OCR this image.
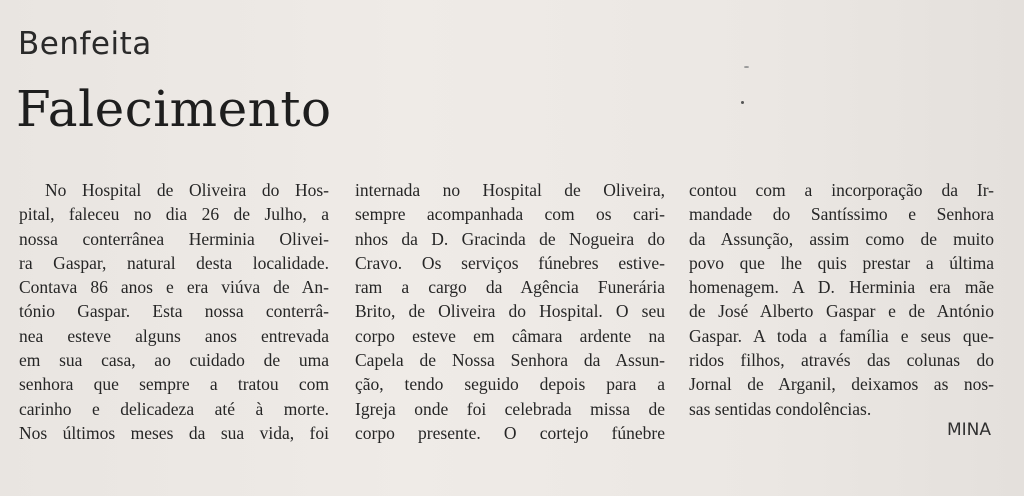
Benfeita
Falecimento
No Hospital de Oliveira do Hos-
pital, faleceu no dia 26 de Julho, a
nossa conterrânea Herminia Olivei-
ra Gaspar, natural desta localidade.
Contava 86 anos e era viúva de An-
tónio Gaspar. Esta nossa conterrâ-
nea esteve alguns anos entrevada
em sua casa, ao cuidado de uma
senhora que sempre a tratou com
carinho e delicadeza até à morte.
Nos últimos meses da sua vida, foi
internada no Hospital de Oliveira,
sempre acompanhada com os cari-
nhos da D. Gracinda de Nogueira do
Cravo. Os serviços fúnebres estive-
ram a cargo da Agência Funerária
Brito, de Oliveira do Hospital. O seu
corpo esteve em câmara ardente na
Capela de Nossa Senhora da Assun-
ção, tendo seguido depois para a
Igreja onde foi celebrada missa de
corpo presente. O cortejo fúnebre
contou com a incorporação da Ir-
mandade do Santíssimo e Senhora
da Assunção, assim como de muito
povo que lhe quis prestar a última
homenagem. A D. Herminia era mãe
de José Alberto Gaspar e de António
Gaspar. A toda a família e seus que-
ridos filhos, através das colunas do
Jornal de Arganil, deixamos as nos-
sas sentidas condolências.
MINA
